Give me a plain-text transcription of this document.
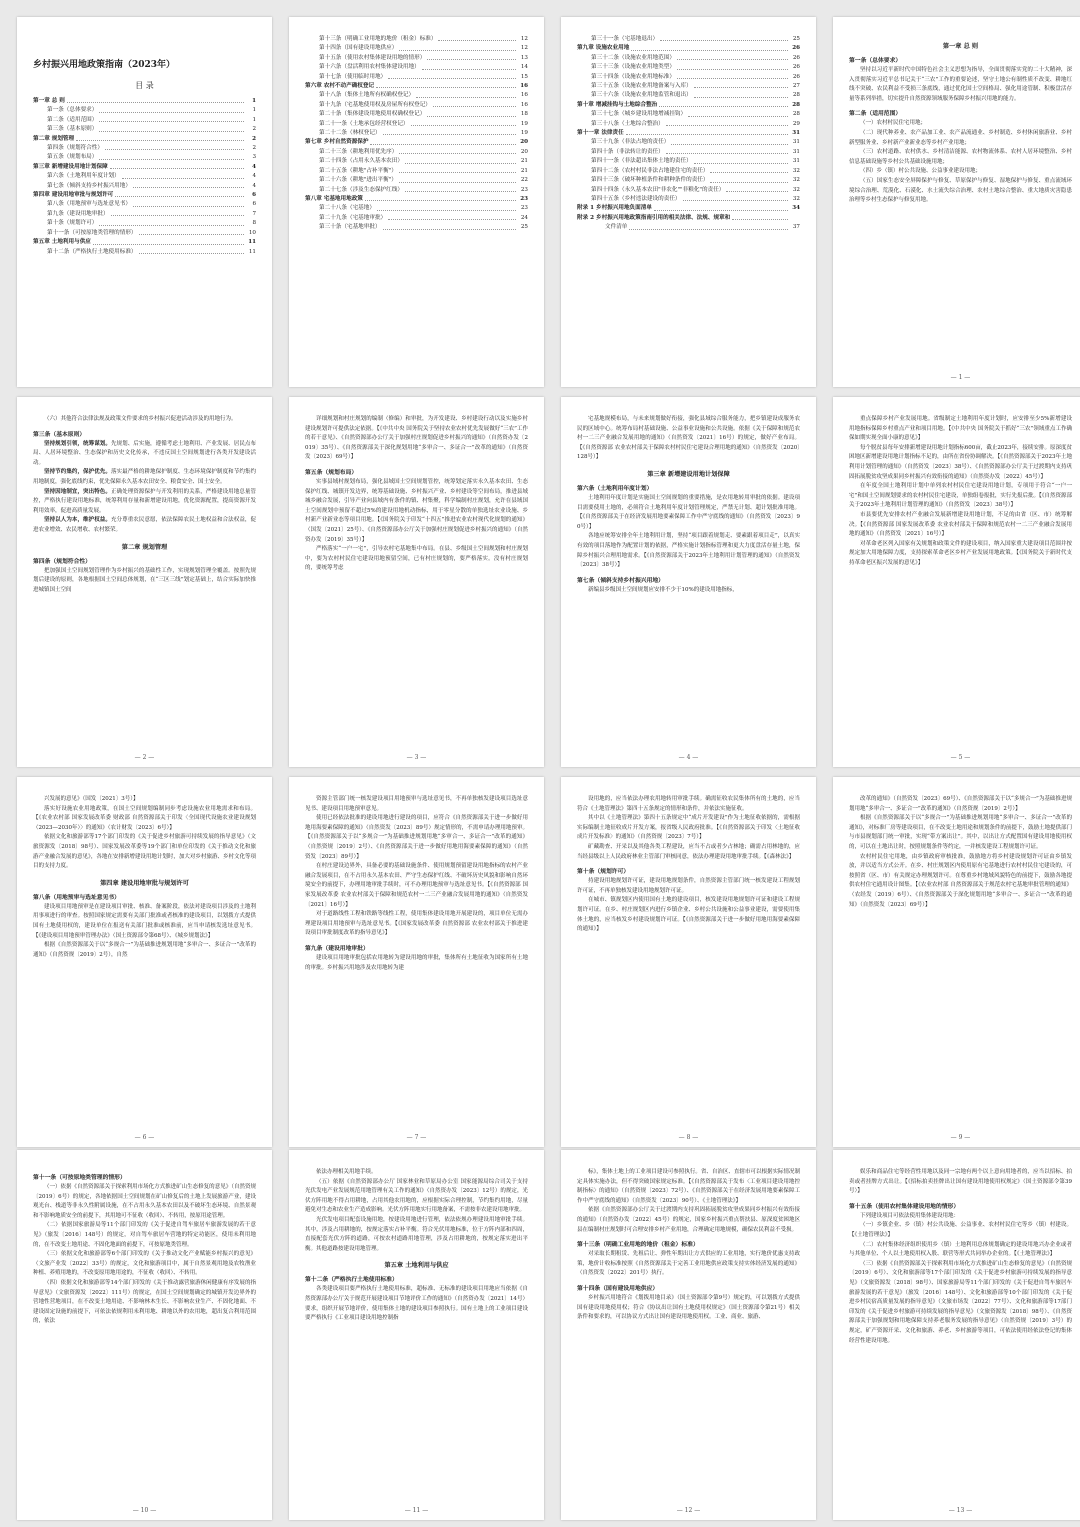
乡村振兴用地政策指南（2023年）
目 录
第一章 总 则	1
第一条（总体要求）	1
第二条（适用范围）	1
第三条（基本原则）	2
第二章 规划管理	2
第四条（规划符合性）	2
第五条（规划布局）	3
第三章 新增建设用地计划保障	4
第六条（土地利用年度计划）	4
第七条（倾斜支持乡村振兴用地）	4
第四章 建设用地审批与规划许可	6
第八条（用地预审与选址意见书）	6
第九条（建设用地审批）	7
第十条（规划许可）	8
第十一条（可按原地类管理的情形）	10
第五章 土地利用与供应	11
第十二条（严格执行土地使用标准）	11
第十三条（明确工业用地的地价（租金）标准）	12
第十四条（国有建设用地供应）	12
第十五条（使用农村集体建设用地的情形）	13
第十六条（盘活利用农村集体建设用地）	14
第十七条（使用临时用地）	15
第六章 农村不动产确权登记	16
第十八条（集体土地所有权确权登记）	16
第十九条（宅基地使用权及房屋所有权登记）	16
第二十条（集体建设用地使用权确权登记）	18
第二十一条（土地承包经营权登记）	19
第二十二条（林权登记）	19
第七章 乡村自然资源保护	20
第二十三条（耕地利用优先序）	20
第二十四条（占用永久基本农田）	21
第二十五条（耕地"占补平衡"）	21
第二十六条（耕地"进出平衡"）	22
第二十七条（涉及生态保护红线）	23
第八章 宅基地用地政策	23
第二十八条（宅基地）	23
第二十九条（宅基地审批）	24
第三十条（宅基地审批）	25
第三十一条（宅基地退出）	25
第九章 设施农业用地	26
第三十二条（设施农业用地范围）	26
第三十三条（设施农业用地类型）	26
第三十四条（设施农业用地标准）	26
第三十五条（设施农业用地备案与入库）	27
第三十六条（设施农业用地监管和退出）	28
第十章 增减挂钩与土地综合整治	28
第三十七条（城乡建设用地增减挂钩）	28
第三十八条（土地综合整治）	29
第十一章 法律责任	31
第三十九条（非法占地的责任）	31
第四十条（非法转让的责任）	31
第四十一条（非法超出集体土地的责任）	31
第四十二条（农村村民非法占地建住宅的责任）	32
第四十三条（破坏种植条件和耕种条件的责任）	32
第四十四条（永久基本农田"非农化""非粮化"的责任）	32
第四十五条（乡村违法建设的责任）	32
附录 1 乡村振兴用地负面清单	34
附录 2 乡村振兴用地政策指南引用的相关法律、法规、规章和
文件清单	37
第一章 总 则
第一条（总体要求）

坚持以习近平新时代中国特色社会主义思想为指导，全面贯彻落实党的二十大精神，深入贯彻落实习近平总书记关于“三农”工作的重要论述，坚守土地公有制性质不改变、耕地红线不突破、农民利益不受损三条底线，通过优化国土空间格局、强化用途管制、积极盘活存量等系列举措，切实提升自然资源领域服务保障乡村振兴用地的能力。

第二条（适用范围）

（一）农村村民住宅用地；

（二）现代种养业、农产品加工业、农产品流通业、乡村制造、乡村休闲旅游业、乡村新型服务业、乡村新产业新业态等乡村产业用地；

（三）农村道路、农村供水、乡村清洁能源、农村物流体系、农村人居环境整治、乡村信息基础设施等乡村公共基础设施用地；

（四）乡（镇）村公共设施、公益事业建设用地；

（五）国家生态安全屏障保护与修复、草原保护与修复、湿地保护与修复、重点流域环境综合治理、荒漠化、石漠化、水土流失综合治理、农村土地综合整治、重大地质灾害隐患治理等乡村生态保护与修复用地。

— 1 —

（六）其他符合法律法规及政策文件要求的乡村振兴促进活动涉及的用地行为。

第三条（基本原则）

坚持规划引领，统筹谋划。先规划、后实施，遵循考虑土地利用、产业发展、居民点布局、人居环境整治、生态保护和历史文化传承，不违反国土空间规划进行各类开发建设活动。

坚持节约集约，保护优先。落实最严格的耕地保护制度、生态环境保护制度和节约集约用地制度，强化底线约束，优先保障永久基本农田安全、粮食安全、国土安全。

坚持因地制宜，突出特色。正确处理资源保护与开发利用的关系，严格建设用地总量管控，严格执行建设用地标准，统筹利用存量和新增建设用地，优化资源配置，提高资源开发利用效率，促进高质量发展。

坚持以人为本，维护权益。充分尊重农民意愿，依法保障农民土地权益和合法权益，促进农业增效、农民增收、农村繁荣。

第二章 规划管理
第四条（规划符合性）

把加强国土空间规划管理作为乡村振兴的基础性工作，实现规划管理全覆盖。按照先规划后建设的原则，各地根据国土空间总体规划，在“三区三线”划定基础上，结合实际加快推进城镇国土空间

— 2 —

详细规划和村庄规划的编制（修编）和审批，为开发建设、乡村建设行动以及实施乡村建设规划许可提供法定依据。【《中共中央 国务院关于坚持农业农村优先发展做好“三农”工作的若干意见》、《自然资源部办公厅关于加强村庄规划促进乡村振兴的通知》（自然资办发〔2019〕35号）、《自然资源部关于深化规划用地“多审合一、多证合一”改革的通知》（自然资发〔2023〕69号）】

第五条（规划布局）

实事县域村规划布局，强化县域国土空间规划管控，统筹划定落实永久基本农田、生态保护红线、城镇开发边界，统筹基础设施、乡村振兴产业、乡村建设等空间布局，推进县域城乡融合发展，引导产业向县域内有条件的镇、村集聚，科学编制村庄规划，允许在县域国土空间规划中预留不超过5%的建设用地机动指标，用于零星分散的单独选址农业设施、乡村新产业新业态等项目用地。【《国务院关于印发“十四五”推进农业农村现代化规划的通知》（国发〔2021〕25号）、《自然资源部办公厅关于加强村庄规划促进乡村振兴的通知》（自然资办发〔2019〕35号）】

严格落实“一户一宅”，引导农村宅基地集中布局。在县、乡级国土空间规划和村庄规划中，要为农村村民住宅建设用地预留空间，已有村庄规划的，要严格落实。没有村庄规划的，要统筹考虑

— 3 —

宅基地规模布局，与未来规划做好衔接，强化县域综合服务能力，把乡镇建设成服务农民的区域中心。统筹布局村基础设施、公益事业设施和公共设施。依据《关于保障和规范农村一二三产业融合发展用地的通知》（自然资发〔2021〕16号）的规定，做好产业布局。【《自然资源部 农业农村部关于保障农村村民住宅建设合理用地的通知》（自然资发〔2020〕128号）】

第三章 新增建设用地计划保障
第六条（土地利用年度计划）

土地利用年度计划是实施国土空间规划的重要措施，是农用地转用审批的依据。建设项目需要使用土地的，必须符合土地利用年度计划管理规定，严禁无计划、超计划批准用地。【《自然资源部关于在经济发展用地要素保障工作中严守底线的通知》（自然资发〔2023〕90号）】

各地应统筹安排全年土地利用计划，坚持“项目跟着规划走、要素跟着项目走”，以真实有效的项目落地作为配置计划的依据，严格实施计划指标管理和更大力度盘活存量土地，保障乡村振兴合理用地需求。【《自然资源部关于2023年土地利用计划管理的通知》（自然资发〔2023〕38号）】

第七条（倾斜支持乡村振兴用地）

新编县乡级国土空间规划应安排不少于10%的建设用地指标，

— 4 —

重点保障乡村产业发展用地。省级制定土地利用年度计划时，应安排至少5%新增建设用地指标保障乡村重点产业和项目用地。【《中共中央 国务院关于抓好“三农”领域重点工作确保如期实现全面小康的意见》】

每个脱贫县每年安排新增建设用地计划指标600亩，截止2023年，接续安排。原深度贫困地区新增建设用地计划指标不足的，由所在省份协调解决。【《自然资源部关于2023年土地利用计划管理的通知》（自然资发〔2023〕38号）、《自然资源部办公厅关于过渡期内支持巩固拓展脱贫攻坚成果同乡村振兴有效衔接的通知》（自然资办发〔2022〕45号）】

在年度全国土地利用计划中单列农村村民住宅建设用地计划，专项用于符合“一户一宅”和国土空间规划要求的农村村民住宅建设，单独组卷报批，实行先报后批。【《自然资源部关于2023年土地利用计划管理的通知》（自然资发〔2023〕38号）】

市县要优先安排农村产业融合发展新增建设用地计划，不足的由省（区、市）统筹解决。【《自然资源部 国家发展改革委 农业农村部关于保障和规范农村一二三产业融合发展用地的通知》（自然资发〔2021〕16号）】

对革命老区列入国家有关规划和政策文件的建设项目，纳入国家重大建设项目范围并按规定加大用地保障力度，支持探索革命老区乡村产业发展用地政策。【《国务院关于新时代支持革命老区振兴发展的意见》】

— 5 —

兴发展的意见》（国发〔2021〕3号）】

落实好设施农业用地政策，在国土空间规划编制同步考虑设施农业用地需求和布局。【《农业农村部 国家发展改革委 财政部 自然资源部关于印发〈全国现代设施农业建设规划（2023—2030年）〉的通知》（农计财发〔2023〕6号）】

依据文化和旅游部等17个部门印发的《关于促进乡村旅游可持续发展的指导意见》（文旅资源发〔2018〕98号）、国家发展改革委等19个部门和单位印发的《关于推动文化和旅游产业融合发展的意见》，各地在安排新增建设用地计划时，加大对乡村旅游、乡村文化等项目的支持力度。

第四章 建设用地审批与规划许可
第八条（用地预审与选址意见书）

建设项目用地预审是在建设项目审批、核准、备案阶段，依法对建设项目涉及的土地利用事项进行的审查。按照国家规定需要有关部门批准或者核准的建设项目，以划拨方式提供国有土地使用权的，建设单位在报送有关部门批准或核准前，应当申请核发选址意见书。【《建设项目用地预审管理办法》（国土资源部令第68号）、《城乡规划法》】

根据《自然资源部关于以“多规合一”为基础推进规划用地“多审合一、多证合一”改革的通知》（自然资规〔2019〕2号），自然

— 6 —

资源主管部门统一核发建设项目用地预审与选址意见书，不再单独核发建设项目选址意见书、建设项目用地预审意见。

使用已经依法批准的建设用地进行建设的项目，应符合《自然资源部关于进一步做好用地用海要素保障的通知》（自然资发〔2023〕89号）规定情形的，不需申请办理用地预审。【《自然资源部关于以“多规合一”为基础推进规划用地“多审合一、多证合一”改革的通知》（自然资规〔2019〕2号）、《自然资源部关于进一步做好用地用海要素保障的通知》（自然资发〔2023〕89号）】

在村庄建设边界外，具备必要的基础设施条件、使用规划预留建设用地指标的农村产业融合发展项目，在不占用永久基本农田、严守生态保护红线、不破坏历史风貌和影响自然环境安全的前提下，办理用地审批手续时，可不办理用地预审与选址意见书。【《自然资源部 国家发展改革委 农业农村部关于保障和规范农村一二三产业融合发展用地的通知》（自然资发〔2021〕16号）】

对于道路线性工程和铁路等线性工程，使用集体建设用地开展建设的，项目单位无需办理建设项目用地预审与选址意见书。【《国家发展改革委 自然资源部 农业农村部关于推进建设项目审批制度改革的指导意见》】

第九条（建设用地审批）

建设项目用地审批包括农用地转为建设用地的审批，集体所有土地征收为国家所有土地的审批。乡村振兴用地涉及农用地转为建

— 7 —

设用地的，应当依法办理农用地转用审批手续。确需征收农民集体所有的土地的，应当符合《土地管理法》第四十五条规定的情形和条件，并依法实施征收。

其中以《土地管理法》第四十五条规定中“成片开发建设”作为土地征收依据的，需根据实际编制土地征收成片开发方案，报省级人民政府批准。【《自然资源部关于印发〈土地征收成片开发标准〉的通知》（自然资规〔2023〕7号）】

矿藏勘查、开采以及其他各类工程建设，应当不占或者少占林地；确需占用林地的，应当经县级以上人民政府林业主管部门审核同意，依法办理建设用地审批手续。【《森林法》】

第十条（规划许可）

持建设用地规划许可证，建设用地规划条件，自然资源主管部门统一核发建设工程规划许可证，不再单独核发建设用地规划许可证。

在城市、镇规划区内使用国有土地的建设项目，核发建设用地规划许可证和建设工程规划许可证。在乡、村庄规划区内进行乡镇企业、乡村公共设施和公益事业建设，需要使用集体土地的，应当核发乡村建设规划许可证。【《自然资源部关于进一步做好用地用海要素保障的通知》】

— 8 —

改革的通知》（自然资发〔2023〕69号）、《自然资源部关于以“多规合一”为基础推进规划用地“多审合一、多证合一”改革的通知》（自然资规〔2019〕2号）】

根据《自然资源部关于以“多规合一”为基础推进规划用地“多审合一、多证合一”改革的通知》，对标准厂房等建设项目，在不改变土地用途和规划条件的前提下，鼓励土地提供部门与市县规划部门统一审批，实现“带方案出让”。其中，以出让方式配置国有建设用地使用权的，可以在土地出让时，按照规划条件等约定，一并核发建设工程规划许可证。

农村村民住宅用地，由乡镇政府审核批准，鼓励地方将乡村建设规划许可证由乡镇发放，并以适当方式公开。在乡、村庄规划区内使用原有宅基地进行农村村民住宅建设的，可按照省（区、市）有关规定办理规划许可。在尊重乡村地域风貌特色的前提下，鼓励各地提供农村住宅通用设计图集。【《农业农村部 自然资源部关于规范农村宅基地审批管理的通知》（农经发〔2019〕6号）、《自然资源部关于深化规划用地“多审合一、多证合一”改革的通知》（自然资发〔2023〕69号）】

— 9 —
第十一条（可按原地类管理的情形）

（一）依据《自然资源部关于探索利用市场化方式推进矿山生态修复的意见》（自然资规〔2019〕6号）的规定，各地依据国土空间规划在矿山修复后的土地上发展旅游产业，建设观光台、栈道等非永久性附属设施，在不占用永久基本农田以及不破坏生态环境、自然景观和不影响地质安全的前提下，其用地可不征收（收回）、不转用，按原用途管理。

（二）依据国家旅游局等11个部门印发的《关于促进自驾车旅居车旅游发展的若干意见》（旅发〔2016〕148号）的规定，对自驾车旅居车营地的特定功能区，使用未利用地的，在不改变土地用途、不固化地面的前提下，可按原地类管理。

（三）依据文化和旅游部等6个部门印发的《关于推动文化产业赋能乡村振兴的意见》（文旅产业发〔2022〕33号）的规定，文化和旅游项目中，属于自然景观用地及农牧渔业种植、养殖用地的，不改变原用地用途的，不征收（收回）、不转用。

（四）依据文化和旅游部等14个部门印发的《关于推动露营旅游休闲健康有序发展的指导意见》（文旅资源发〔2022〕111号）的规定，在国土空间规划确定的城镇开发边界外的营地性营地项目，在不改变土地用途、不影响林木生长、不影响农业生产、不固化地面、不建设固定设施的前提下，可依法依规利用未利用地、耕地以外的农用地，超出复合利用范围的，依法

— 10 —

依法办理相关用地手续。

（五）依据《自然资源部办公厅 国家林业和草原局办公室 国家能源局综合司关于支持光伏发电产业发展规范用地管理有关工作的通知》（自然资办发〔2023〕12号）的规定，光伏方阵用地不得占用耕地，占用其他农用地的，应根据实际合理控制，节约集约用地，尽量避免对生态和农业生产造成影响。光伏方阵用地实行用地备案，不需按非农建设用地审批。

光伏发电项目配套设施用地，按建设用地进行管理，依法依规办理建设用地审批手续。其中，涉及占用耕地的，按规定落实占补平衡。符合光伏用地标准，位于方阵内部和四周，直接配套光伏方阵的道路，可按农村道路用地管理，涉及占用耕地的，按规定落实进出平衡。其他道路按建设用地管理。

第五章 土地利用与供应
第十二条（严格执行土地使用标准）

各类建设项目要严格执行土地使用标准，超标准、无标准的建设项目用地应当依据《自然资源部办公厅关于规范开展建设项目节地评价工作的通知》（自然资办发〔2021〕14号）要求，组织开展节地评价，使用集体土地的建设项目参照执行。国有土地上的工业项目建设要严格执行《工业项目建设用地控制指

— 11 —

标》，集体土地上的工业项目建设可参照执行。省、自治区、直辖市可以根据实际情况制定具体实施办法，但不得突破国家规定标准。【《自然资源部关于发布〈工业项目建设用地控制指标〉的通知》（自然资规〔2023〕72号）、《自然资源部关于在经济发展用地要素保障工作中严守底线的通知》（自然资发〔2023〕90号）、《土地管理法》】

依据《自然资源部办公厅关于过渡期内支持巩固拓展脱贫攻坚成果同乡村振兴有效衔接的通知》（自然资办发〔2022〕45号）的规定，国家乡村振兴重点帮扶县、原深度贫困地区县在编制村庄规划时可合理安排乡村产业用地，合理确定用地规模，确保农民利益不受损。

第十三条（明确工业用地的地价（租金）标准）

对采取长期租赁、先租后让、弹性年期出让方式供应的工业用地，实行地价优惠支持政策，地价计收标准按照《自然资源部关于完善工业用地供应政策支持实体经济发展的通知》（自然资发〔2022〕201号）执行。

第十四条（国有建设用地供应）

乡村振兴用地符合《划拨用地目录》（国土资源部令第9号）规定的，可以划拨方式提供国有建设用地使用权；符合《协议出让国有土地使用权规定》（国土资源部令第21号）相关条件和要求的，可以协议方式出让国有建设用地使用权。工业、商业、旅游、

— 12 —

娱乐和商品住宅等经营性用地以及同一宗地有两个以上意向用地者的，应当以招标、拍卖或者挂牌方式出让。【《招标拍卖挂牌出让国有建设用地使用权规定》（国土资源部令第39号）】

第十五条（使用农村集体建设用地的情形）

下列建设项目可依法使用集体建设用地：

（一）乡镇企业、乡（镇）村公共设施、公益事业、农村村民住宅等乡（镇）村建设。【《土地管理法》】

（二）农村集体经济组织使用乡（镇）土地利用总体规划确定的建设用地兴办企业或者与其他单位、个人以土地使用权入股、联营等形式共同举办企业的。【《土地管理法》】

（三）依据《自然资源部关于探索利用市场化方式推进矿山生态修复的意见》（自然资规〔2019〕6号）、文化和旅游部等17个部门印发的《关于促进乡村旅游可持续发展的指导意见》（文旅资源发〔2018〕98号）、国家旅游局等11个部门印发的《关于促进自驾车旅居车旅游发展的若干意见》（旅发〔2016〕148号）、文化和旅游部等10个部门印发的《关于促进乡村民宿高质量发展的指导意见》（文旅市场发〔2022〕77号）、文化和旅游部等17部门印发的《关于促进乡村旅游可持续发展的指导意见》（文旅资源发〔2018〕98号）、《自然资源部关于加强规划和用地保障支持养老服务发展的指导意见》（自然资规〔2019〕3号）的规定，矿产资源开采、文化和旅游、养老、乡村旅游等项目，可依法使用经依法登记的集体经营性建设用地。

— 13 —
